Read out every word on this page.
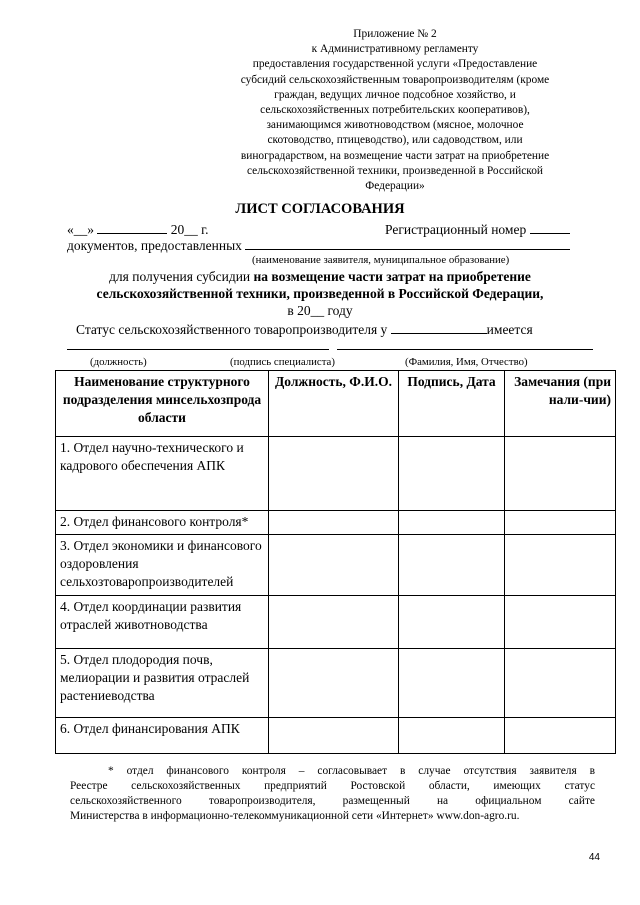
Приложение № 2
к Административному регламенту
предоставления государственной услуги «Предоставление
субсидий сельскохозяйственным товаропроизводителям (кроме
граждан, ведущих личное подсобное хозяйство, и
сельскохозяйственных потребительских кооперативов),
занимающимся животноводством (мясное, молочное
скотоводство, птицеводство), или садоводством, или
виноградарством, на возмещение части затрат на приобретение
сельскохозяйственной техники, произведенной в Российской
Федерации»
ЛИСТ СОГЛАСОВАНИЯ
«__»	20__ г.	Регистрационный номер
документов, предоставленных
(наименование заявителя, муниципальное образование)
для получения субсидии на возмещение части затрат на приобретение
сельскохозяйственной техники, произведенной в Российской Федерации,
в 20__ году
Статус сельскохозяйственного товаропроизводителя у	имеется
(должность)	(подпись специалиста)	(Фамилия, Имя, Отчество)
Наименование структурного подразделения минсельхозпрода области	Должность, Ф.И.О.	Подпись, Дата	Замечания (при нали-чии)
1. Отдел научно-технического и кадрового обеспечения АПК			
2. Отдел финансового контроля*			
3. Отдел экономики и финансового оздоровления сельхозтоваропроизводителей			
4. Отдел координации развития отраслей животноводства			
5. Отдел плодородия почв, мелиорации и развития отраслей растениеводства			
6. Отдел финансирования АПК			
* отдел финансового контроля – согласовывает в случае отсутствия заявителя в
Реестре сельскохозяйственных предприятий Ростовской области, имеющих статус
сельскохозяйственного товаропроизводителя, размещенный на официальном сайте
Министерства в информационно-телекоммуникационной сети «Интернет» www.don-agro.ru.
44
